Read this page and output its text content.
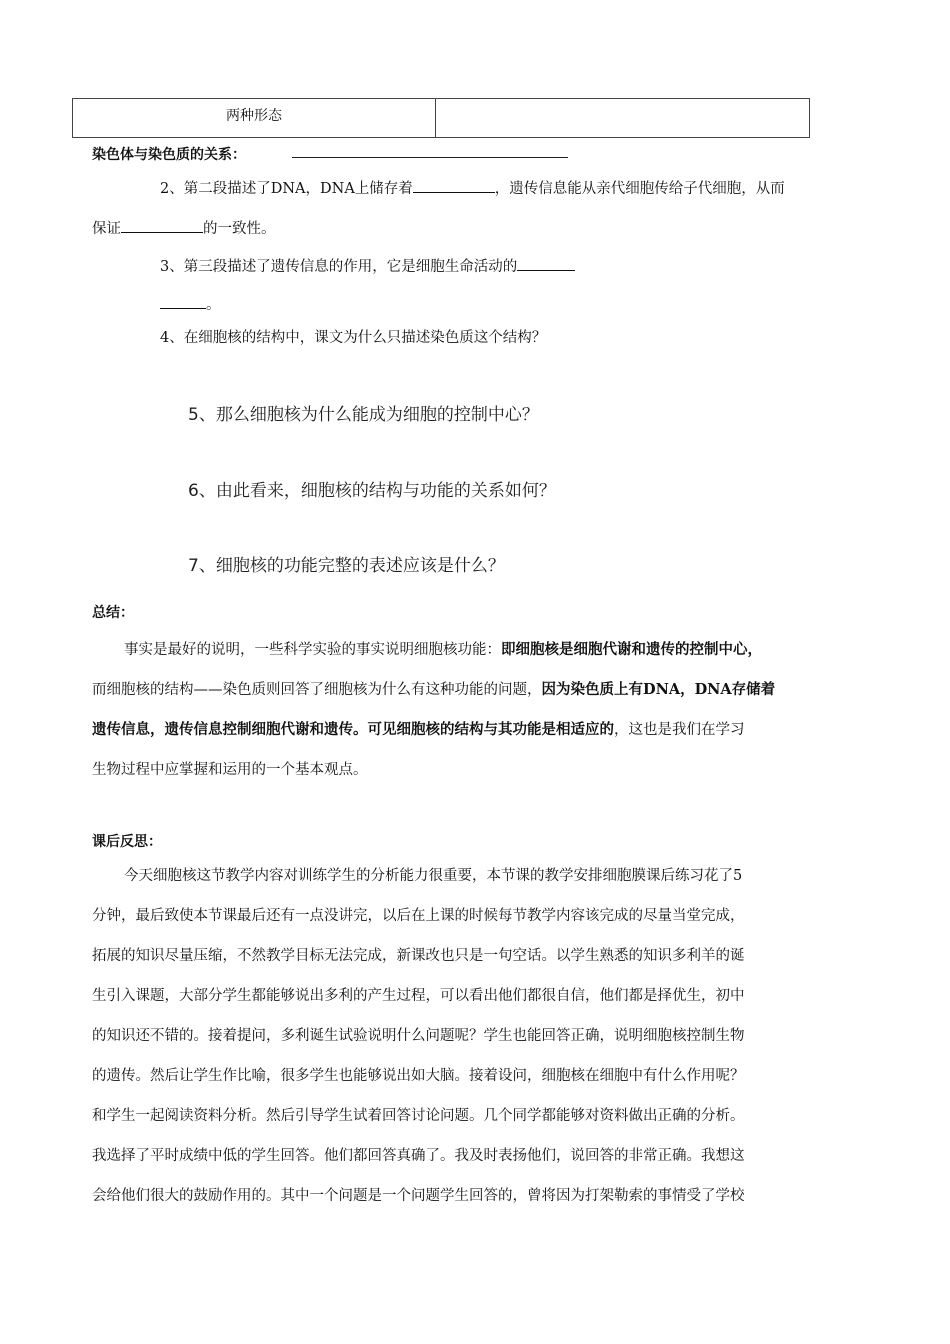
两种形态	
染色体与染色质的关系：
2、第二段描述了DNA，DNA上储存着	，遗传信息能从亲代细胞传给子代细胞，从而
保证	的一致性。
3、第三段描述了遗传信息的作用，它是细胞生命活动的
。
4、在细胞核的结构中，课文为什么只描述染色质这个结构？
5、那么细胞核为什么能成为细胞的控制中心？
6、由此看来，细胞核的结构与功能的关系如何？
7、细胞核的功能完整的表述应该是什么？
总结：
事实是最好的说明，一些科学实验的事实说明细胞核功能：即细胞核是细胞代谢和遗传的控制中心，
而细胞核的结构——染色质则回答了细胞核为什么有这种功能的问题，因为染色质上有DNA，DNA存储着
遗传信息，遗传信息控制细胞代谢和遗传。可见细胞核的结构与其功能是相适应的，这也是我们在学习
生物过程中应掌握和运用的一个基本观点。
课后反思：
今天细胞核这节教学内容对训练学生的分析能力很重要，本节课的教学安排细胞膜课后练习花了5
分钟，最后致使本节课最后还有一点没讲完，以后在上课的时候每节教学内容该完成的尽量当堂完成，
拓展的知识尽量压缩，不然教学目标无法完成，新课改也只是一句空话。以学生熟悉的知识多利羊的诞
生引入课题，大部分学生都能够说出多利的产生过程，可以看出他们都很自信，他们都是择优生，初中
的知识还不错的。接着提问，多利诞生试验说明什么问题呢？学生也能回答正确，说明细胞核控制生物
的遗传。然后让学生作比喻，很多学生也能够说出如大脑。接着设问，细胞核在细胞中有什么作用呢？
和学生一起阅读资料分析。然后引导学生试着回答讨论问题。几个同学都能够对资料做出正确的分析。
我选择了平时成绩中低的学生回答。他们都回答真确了。我及时表扬他们，说回答的非常正确。我想这
会给他们很大的鼓励作用的。其中一个问题是一个问题学生回答的，曾将因为打架勒索的事情受了学校
